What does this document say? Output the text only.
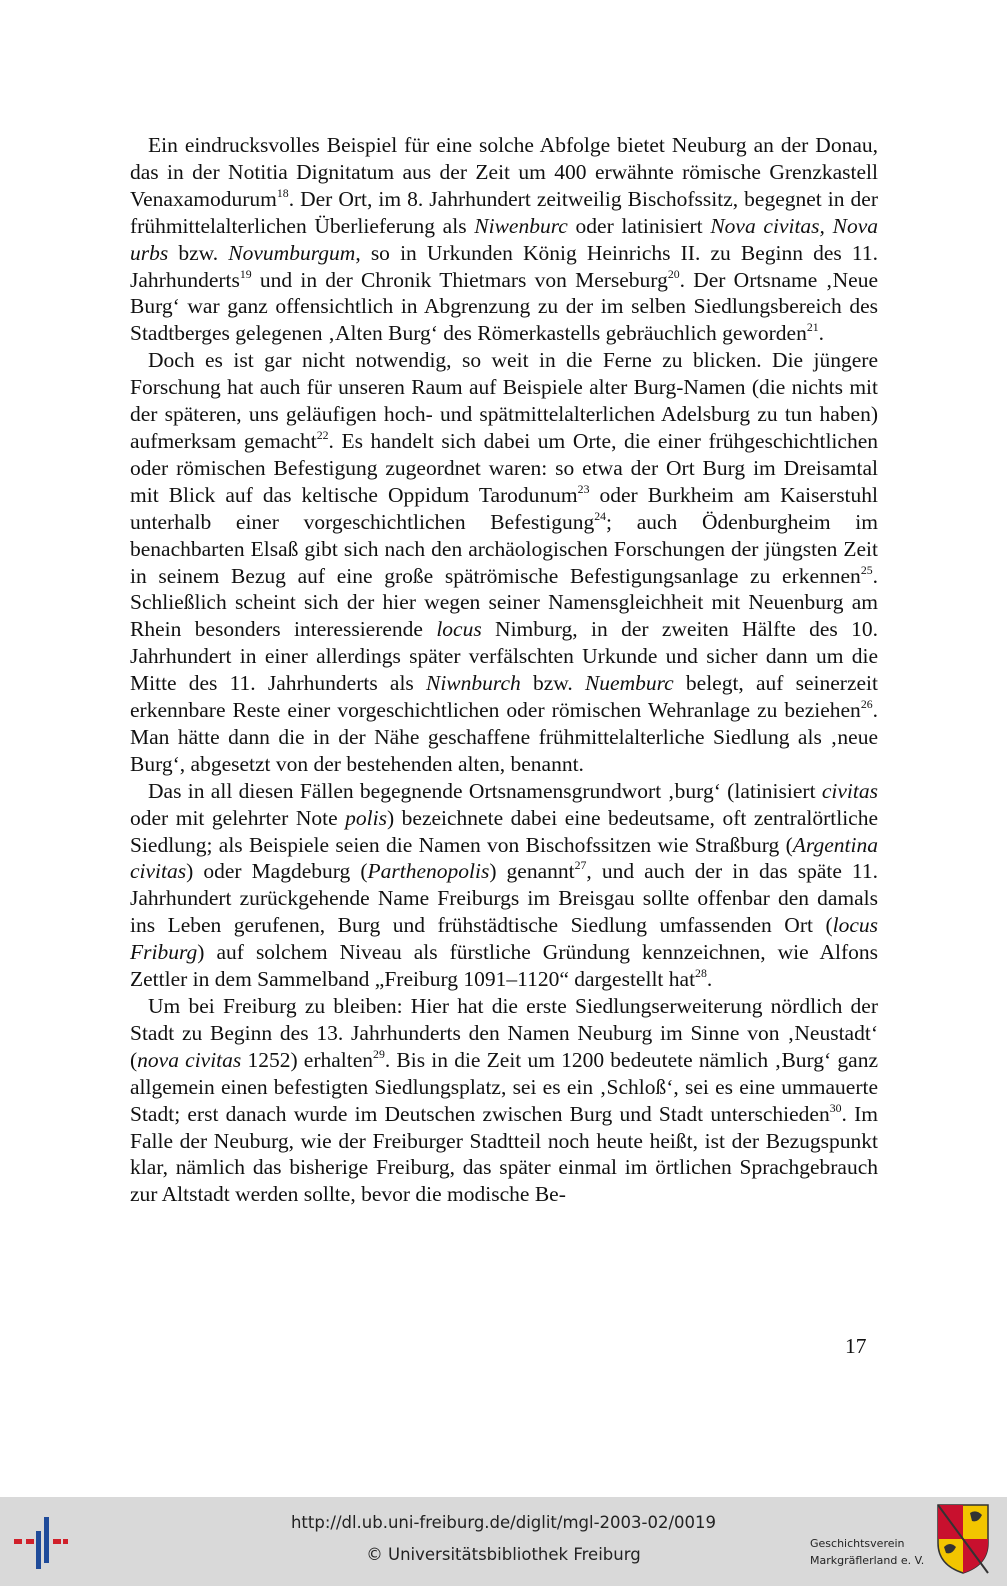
Ein eindrucksvolles Beispiel für eine solche Abfolge bietet Neuburg an der Donau, das in der Notitia Dignitatum aus der Zeit um 400 erwähnte römische Grenzkastell Venaxamodurum$^{18}$. Der Ort, im 8. Jahrhundert zeitweilig Bischofssitz, begegnet in der frühmittelalterlichen Überlieferung als Niwenburc oder latinisiert Nova civitas, Nova urbs bzw. Novumburgum, so in Urkunden König Heinrichs II. zu Beginn des 11. Jahrhunderts$^{19}$ und in der Chronik Thietmars von Merseburg$^{20}$. Der Ortsname ‚Neue Burg‘ war ganz offensichtlich in Abgrenzung zu der im selben Siedlungsbereich des Stadtberges gelegenen ‚Alten Burg‘ des Römerkastells gebräuchlich geworden$^{21}$.

Doch es ist gar nicht notwendig, so weit in die Ferne zu blicken. Die jüngere Forschung hat auch für unseren Raum auf Beispiele alter Burg-Namen (die nichts mit der späteren, uns geläufigen hoch- und spätmittelalterlichen Adelsburg zu tun haben) aufmerksam gemacht$^{22}$. Es handelt sich dabei um Orte, die einer frühgeschichtlichen oder römischen Befestigung zugeordnet waren: so etwa der Ort Burg im Dreisamtal mit Blick auf das keltische Oppidum Tarodunum$^{23}$ oder Burkheim am Kaiserstuhl unterhalb einer vorgeschichtlichen Befestigung$^{24}$; auch Ödenburgheim im benachbarten Elsaß gibt sich nach den archäologischen Forschungen der jüngsten Zeit in seinem Bezug auf eine große spätrömische Befestigungsanlage zu erkennen$^{25}$. Schließlich scheint sich der hier wegen seiner Namensgleichheit mit Neuenburg am Rhein besonders interessierende locus Nimburg, in der zweiten Hälfte des 10. Jahrhundert in einer allerdings später verfälschten Urkunde und sicher dann um die Mitte des 11. Jahrhunderts als Niwnburch bzw. Nuemburc belegt, auf seinerzeit erkennbare Reste einer vorgeschichtlichen oder römischen Wehranlage zu beziehen$^{26}$. Man hätte dann die in der Nähe geschaffene frühmittelalterliche Siedlung als ‚neue Burg‘, abgesetzt von der bestehenden alten, benannt.

Das in all diesen Fällen begegnende Ortsnamensgrundwort ‚burg‘ (latinisiert civitas oder mit gelehrter Note polis) bezeichnete dabei eine bedeutsame, oft zentralörtliche Siedlung; als Beispiele seien die Namen von Bischofssitzen wie Straßburg (Argentina civitas) oder Magdeburg (Parthenopolis) genannt$^{27}$, und auch der in das späte 11. Jahrhundert zurückgehende Name Freiburgs im Breisgau sollte offenbar den damals ins Leben gerufenen, Burg und frühstädtische Siedlung umfassenden Ort (locus Friburg) auf solchem Niveau als fürstliche Gründung kennzeichnen, wie Alfons Zettler in dem Sammelband „Freiburg 1091–1120“ dargestellt hat$^{28}$.

Um bei Freiburg zu bleiben: Hier hat die erste Siedlungserweiterung nördlich der Stadt zu Beginn des 13. Jahrhunderts den Namen Neuburg im Sinne von ‚Neustadt‘ (nova civitas 1252) erhalten$^{29}$. Bis in die Zeit um 1200 bedeutete nämlich ‚Burg‘ ganz allgemein einen befestigten Siedlungsplatz, sei es ein ‚Schloß‘, sei es eine ummauerte Stadt; erst danach wurde im Deutschen zwischen Burg und Stadt unterschieden$^{30}$. Im Falle der Neuburg, wie der Freiburger Stadtteil noch heute heißt, ist der Bezugspunkt klar, nämlich das bisherige Freiburg, das später einmal im örtlichen Sprachgebrauch zur Altstadt werden sollte, bevor die modische Be-

17
http://dl.ub.uni-freiburg.de/diglit/mgl-2003-02/0019
© Universitätsbibliothek Freiburg
Geschichtsverein
Markgräflerland e. V.
